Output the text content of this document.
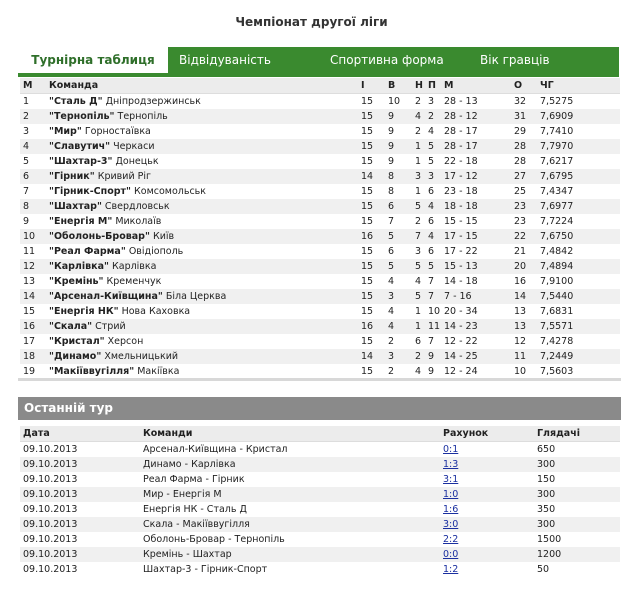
Чемпіонат другої ліги
Турнірна таблиця	Відвідуваність	Спортивна форма	Вік гравців
М	Команда	І	В	Н	П	М	О	ЧГ
1	"Сталь Д" Дніпродзержинськ	15	10	2	3	28 - 13	32	7,5275
2	"Тернопіль" Тернопіль	15	9	4	2	28 - 12	31	7,6909
3	"Мир" Горностаївка	15	9	2	4	28 - 17	29	7,7410
4	"Славутич" Черкаси	15	9	1	5	28 - 17	28	7,7970
5	"Шахтар-3" Донецьк	15	9	1	5	22 - 18	28	7,6217
6	"Гірник" Кривий Ріг	14	8	3	3	17 - 12	27	7,6795
7	"Гірник-Спорт" Комсомольськ	15	8	1	6	23 - 18	25	7,4347
8	"Шахтар" Свердловськ	15	6	5	4	18 - 18	23	7,6977
9	"Енергія М" Миколаїв	15	7	2	6	15 - 15	23	7,7224
10	"Оболонь-Бровар" Київ	16	5	7	4	17 - 15	22	7,6750
11	"Реал Фарма" Овідіополь	15	6	3	6	17 - 22	21	7,4842
12	"Карлівка" Карлівка	15	5	5	5	15 - 13	20	7,4894
13	"Кремінь" Кременчук	15	4	4	7	14 - 18	16	7,9100
14	"Арсенал-Київщина" Біла Церква	15	3	5	7	7 - 16	14	7,5440
15	"Енергія НК" Нова Каховка	15	4	1	10	20 - 34	13	7,6831
16	"Скала" Стрий	16	4	1	11	14 - 23	13	7,5571
17	"Кристал" Херсон	15	2	6	7	12 - 22	12	7,4278
18	"Динамо" Хмельницький	14	3	2	9	14 - 25	11	7,2449
19	"Макіїввугілля" Макіївка	15	2	4	9	12 - 24	10	7,5603
Останній тур
Дата	Команди	Рахунок	Глядачі
09.10.2013	Арсенал-Київщина - Кристал	0:1	650
09.10.2013	Динамо - Карлівка	1:3	300
09.10.2013	Реал Фарма - Гірник	3:1	150
09.10.2013	Мир - Енергія М	1:0	300
09.10.2013	Енергія НК - Сталь Д	1:6	350
09.10.2013	Скала - Макіїввугілля	3:0	300
09.10.2013	Оболонь-Бровар - Тернопіль	2:2	1500
09.10.2013	Кремінь - Шахтар	0:0	1200
09.10.2013	Шахтар-3 - Гірник-Спорт	1:2	50
